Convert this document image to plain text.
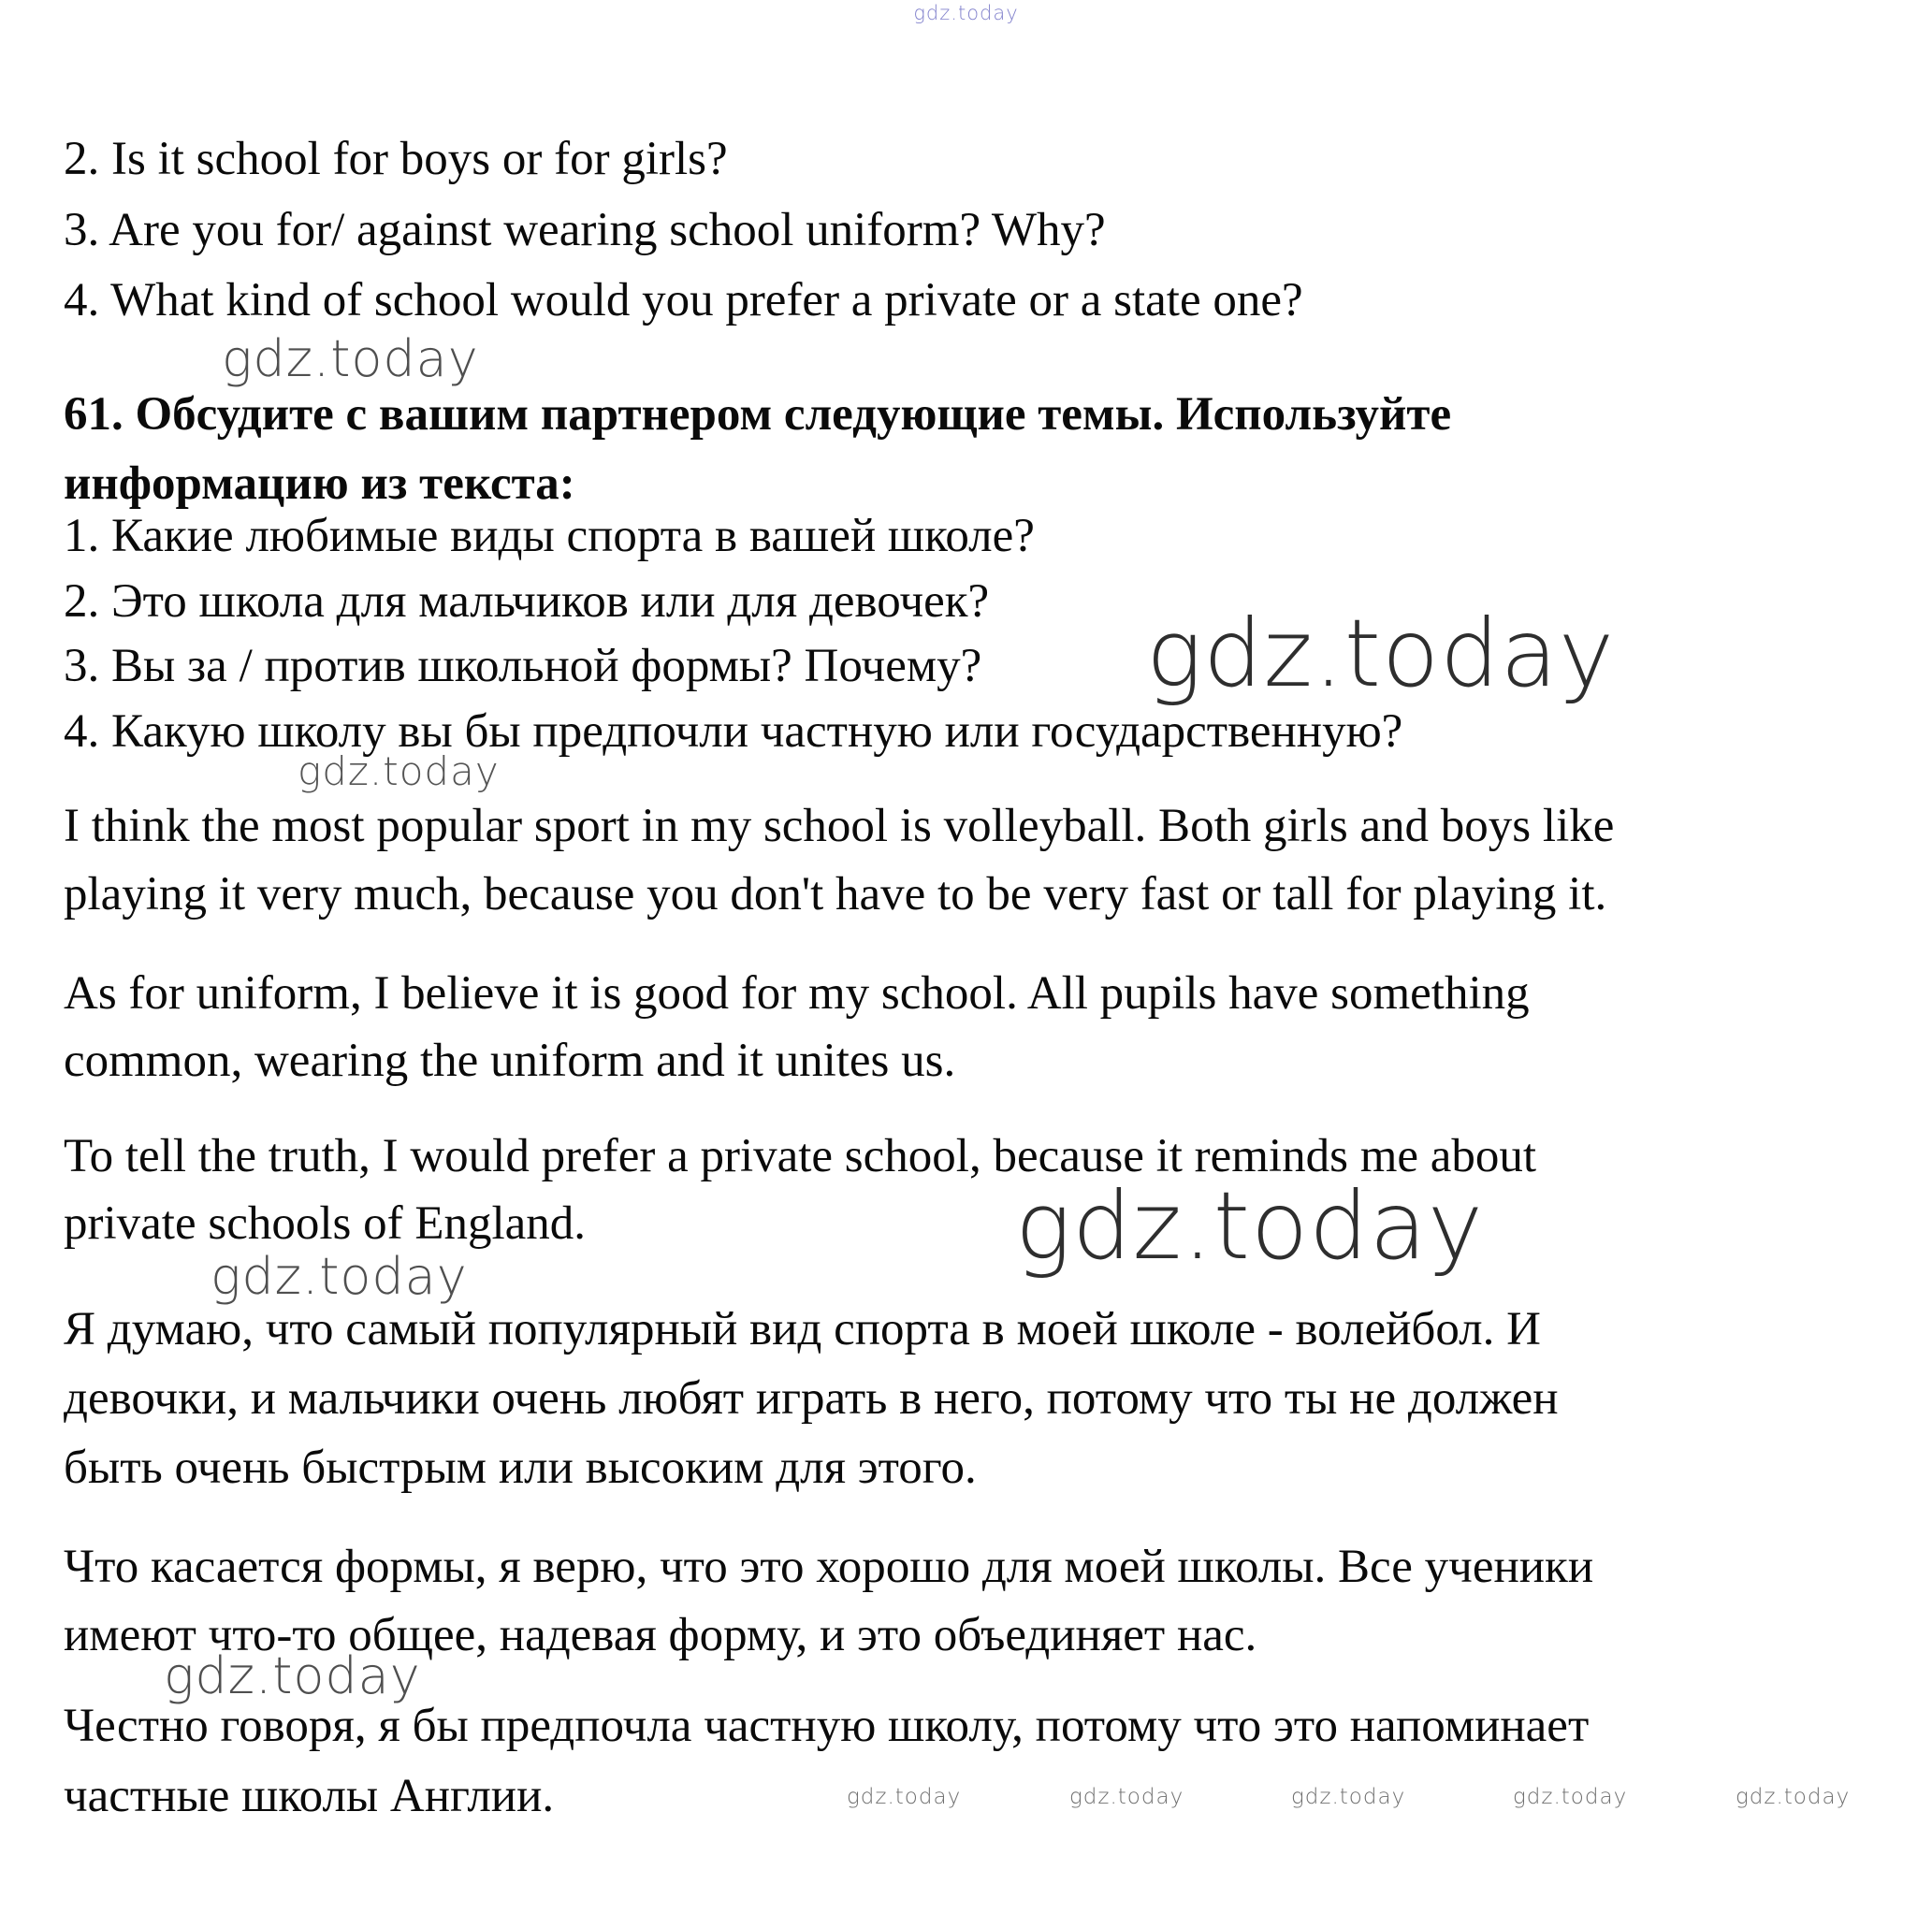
gdz.today
gdz.today
gdz.today
gdz.today
gdz.today
gdz.today
gdz.today
gdz.today	gdz.today	gdz.today	gdz.today	gdz.today
2. Is it school for boys or for girls?
3. Are you for/ against wearing school uniform? Why?
4. What kind of school would you prefer a private or a state one?
61. Обсудите с вашим партнером следующие темы. Используйте
информацию из текста:
1. Какие любимые виды спорта в вашей школе?
2. Это школа для мальчиков или для девочек?
3. Вы за / против школьной формы? Почему?
4. Какую школу вы бы предпочли частную или государственную?
I think the most popular sport in my school is volleyball. Both girls and boys like
playing it very much, because you don't have to be very fast or tall for playing it.
As for uniform, I believe it is good for my school. All pupils have something
common, wearing the uniform and it unites us.
To tell the truth, I would prefer a private school, because it reminds me about
private schools of England.
Я думаю, что самый популярный вид спорта в моей школе - волейбол. И
девочки, и мальчики очень любят играть в него, потому что ты не должен
быть очень быстрым или высоким для этого.
Что касается формы, я верю, что это хорошо для моей школы. Все ученики
имеют что-то общее, надевая форму, и это объединяет нас.
Честно говоря, я бы предпочла частную школу, потому что это напоминает
частные школы Англии.
